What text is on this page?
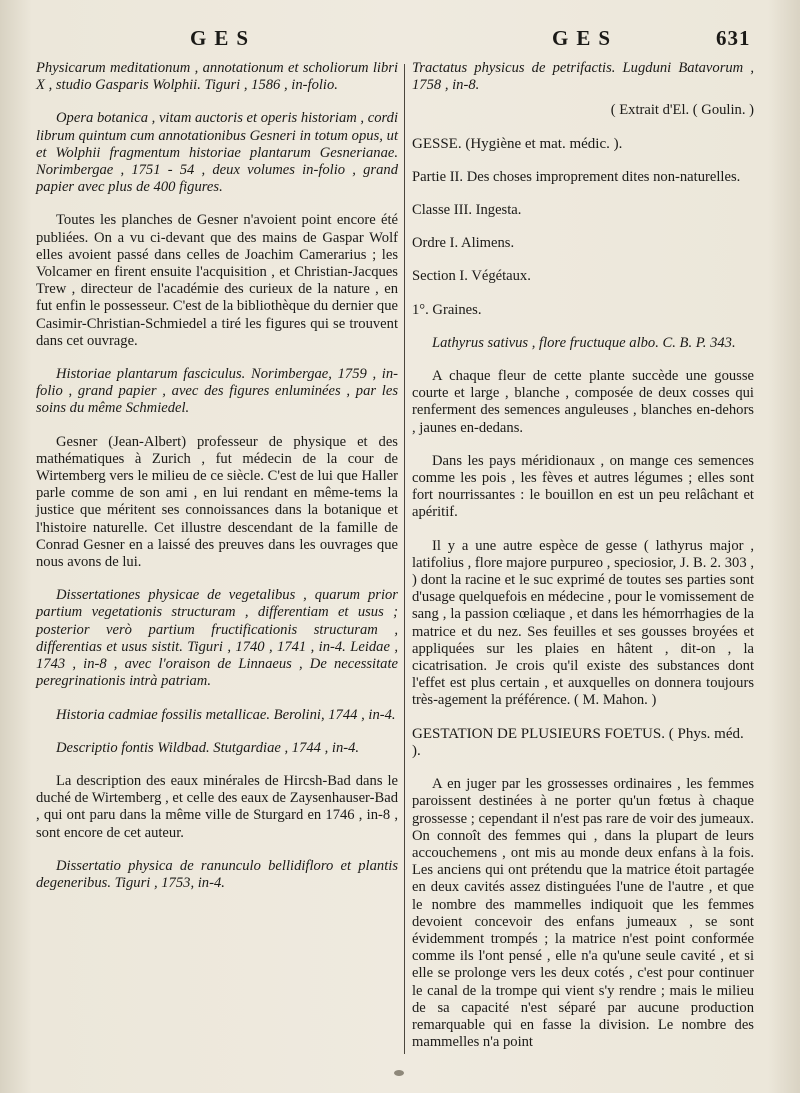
GES	GES	631

Physicarum meditationum , annotationum et scholiorum libri X , studio Gasparis Wolphii. Tiguri , 1586 , in-folio.

Opera botanica , vitam auctoris et operis historiam , cordi librum quintum cum annotationibus Gesneri in totum opus, ut et Wolphii fragmentum historiae plantarum Gesnerianae. Norimbergae , 1751 - 54 , deux volumes in-folio , grand papier avec plus de 400 figures.

Toutes les planches de Gesner n'avoient point encore été publiées. On a vu ci-devant que des mains de Gaspar Wolf elles avoient passé dans celles de Joachim Camerarius ; les Volcamer en firent ensuite l'acquisition , et Christian-Jacques Trew , directeur de l'académie des curieux de la nature , en fut enfin le possesseur. C'est de la bibliothèque du dernier que Casimir-Christian-Schmiedel a tiré les figures qui se trouvent dans cet ouvrage.

Historiae plantarum fasciculus. Norimbergae, 1759 , in-folio , grand papier , avec des figures enluminées , par les soins du même Schmiedel.

Gesner (Jean-Albert) professeur de physique et des mathématiques à Zurich , fut médecin de la cour de Wirtemberg vers le milieu de ce siècle. C'est de lui que Haller parle comme de son ami , en lui rendant en même-tems la justice que méritent ses connoissances dans la botanique et l'histoire naturelle. Cet illustre descendant de la famille de Conrad Gesner en a laissé des preuves dans les ouvrages que nous avons de lui.

Dissertationes physicae de vegetalibus , quarum prior partium vegetationis structuram , differentiam et usus ; posterior verò partium fructificationis structuram , differentias et usus sistit. Tiguri , 1740 , 1741 , in-4. Leidae , 1743 , in-8 , avec l'oraison de Linnaeus , De necessitate peregrinationis intrà patriam.

Historia cadmiae fossilis metallicae. Berolini, 1744 , in-4.

Descriptio fontis Wildbad. Stutgardiae , 1744 , in-4.

La description des eaux minérales de Hircsh-Bad dans le duché de Wirtemberg , et celle des eaux de Zaysenhauser-Bad , qui ont paru dans la même ville de Sturgard en 1746 , in-8 , sont encore de cet auteur.

Dissertatio physica de ranunculo bellidifloro et plantis degeneribus. Tiguri , 1753, in-4.

Tractatus physicus de petrifactis. Lugduni Batavorum , 1758 , in-8.

( Extrait d'El. ( Goulin. )

GESSE. (Hygiène et mat. médic. ).

Partie II. Des choses improprement dites non-naturelles.

Classe III. Ingesta.

Ordre I. Alimens.

Section I. Végétaux.

1°. Graines.

Lathyrus sativus , flore fructuque albo. C. B. P. 343.

A chaque fleur de cette plante succède une gousse courte et large , blanche , composée de deux cosses qui renferment des semences anguleuses , blanches en-dehors , jaunes en-dedans.

Dans les pays méridionaux , on mange ces semences comme les pois , les fèves et autres légumes ; elles sont fort nourrissantes : le bouillon en est un peu relâchant et apéritif.

Il y a une autre espèce de gesse ( lathyrus major , latifolius , flore majore purpureo , speciosior, J. B. 2. 303 , ) dont la racine et le suc exprimé de toutes ses parties sont d'usage quelquefois en médecine , pour le vomissement de sang , la passion cœliaque , et dans les hémorrhagies de la matrice et du nez. Ses feuilles et ses gousses broyées et appliquées sur les plaies en hâtent , dit-on , la cicatrisation. Je crois qu'il existe des substances dont l'effet est plus certain , et auxquelles on donnera toujours très-agement la préférence. ( M. Mahon. )

GESTATION DE PLUSIEURS FOETUS. ( Phys. méd. ).

A en juger par les grossesses ordinaires , les femmes paroissent destinées à ne porter qu'un fœtus à chaque grossesse ; cependant il n'est pas rare de voir des jumeaux. On connoît des femmes qui , dans la plupart de leurs accouchemens , ont mis au monde deux enfans à la fois. Les anciens qui ont prétendu que la matrice étoit partagée en deux cavités assez distinguées l'une de l'autre , et que le nombre des mammelles indiquoit que les femmes devoient concevoir des enfans jumeaux , se sont évidemment trompés ; la matrice n'est point conformée comme ils l'ont pensé , elle n'a qu'une seule cavité , et si elle se prolonge vers les deux cotés , c'est pour continuer le canal de la trompe qui vient s'y rendre ; mais le milieu de sa capacité n'est séparé par aucune production remarquable qui en fasse la division. Le nombre des mammelles n'a point
